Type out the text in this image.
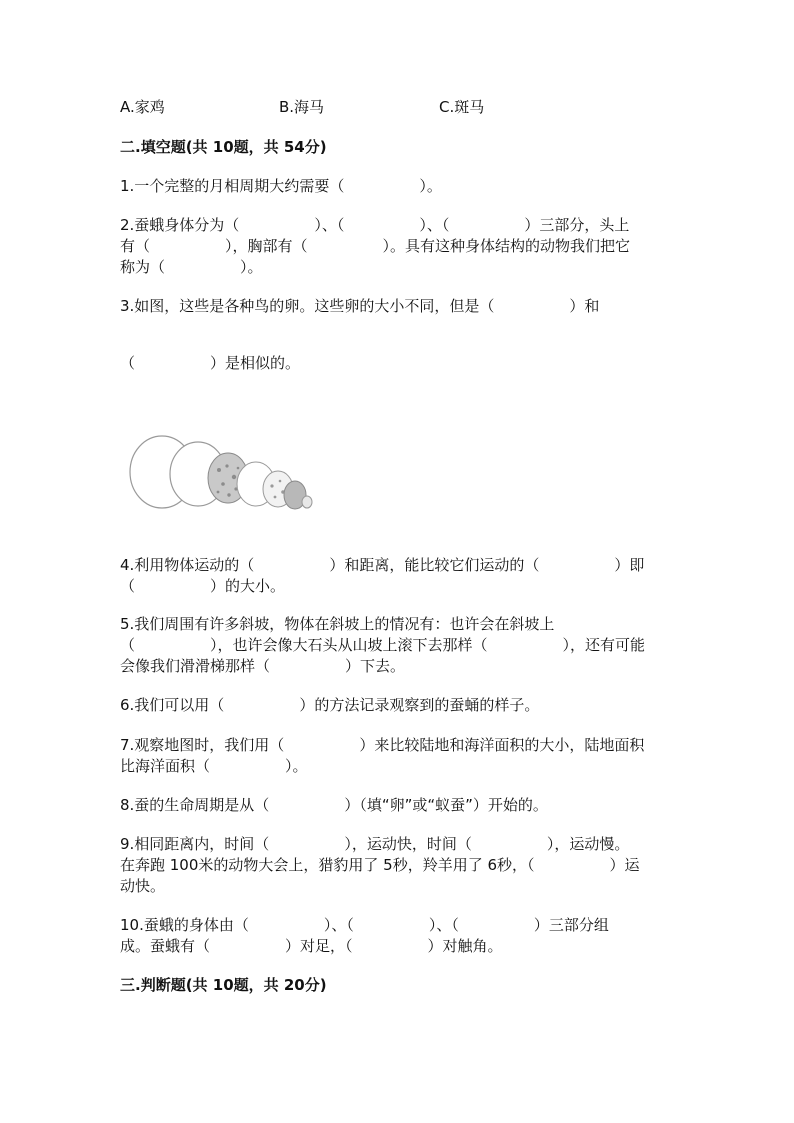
A.家鸡	B.海马	C.斑马
二.填空题(共 10题，共 54分)
1.一个完整的月相周期大约需要（　　　　　）。
2.蚕蛾身体分为（　　　　　）、（　　　　　）、（　　　　　）三部分，头上
有（　　　　　），胸部有（　　　　　）。具有这种身体结构的动物我们把它
称为（　　　　　）。
3.如图，这些是各种鸟的卵。这些卵的大小不同，但是（　　　　　）和
（　　　　　）是相似的。
4.利用物体运动的（　　　　　）和距离，能比较它们运动的（　　　　　）即
（　　　　　）的大小。
5.我们周围有许多斜坡，物体在斜坡上的情况有：也许会在斜坡上
（　　　　　），也许会像大石头从山坡上滚下去那样（　　　　　），还有可能
会像我们滑滑梯那样（　　　　　）下去。
6.我们可以用（　　　　　）的方法记录观察到的蚕蛹的样子。
7.观察地图时，我们用（　　　　　）来比较陆地和海洋面积的大小，陆地面积
比海洋面积（　　　　　）。
8.蚕的生命周期是从（　　　　　）（填“卵”或“蚁蚕”）开始的。
9.相同距离内，时间（　　　　　），运动快，时间（　　　　　），运动慢。
在奔跑 100米的动物大会上，猎豹用了 5秒，羚羊用了 6秒，（　　　　　）运
动快。
10.蚕蛾的身体由（　　　　　）、（　　　　　）、（　　　　　）三部分组
成。蚕蛾有（　　　　　）对足，（　　　　　）对触角。
三.判断题(共 10题，共 20分)
